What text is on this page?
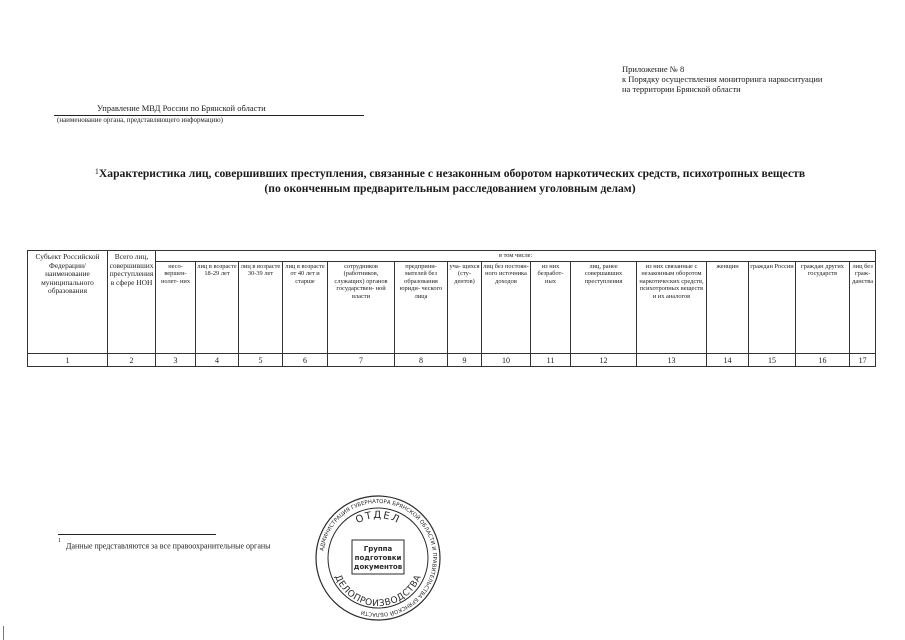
Приложение № 8
к Порядку осуществления мониторинга наркоситуации
на территории Брянской области
Управление МВД России по Брянской области
(наименование органа, представляющего информацию)
$^1$Характеристика лиц, совершивших преступления, связанные с незаконным оборотом наркотических средств, психотропных веществ
(по оконченным предварительным расследованием уголовным делам)
Субъект Российской Федерации/ наименование муниципального образования	Всего лиц, совершивших преступления в сфере НОН	в том числе:														
		несо- вершен- нолет- них	лиц в возрасте 18-29 лет	лиц в возрасте 30-39 лет	лиц в возрасте от 40 лет и старше	сотрудников (работников, служащих) органов государствен- ной власти	предприни- мателей без образования юриди- ческого лица	уча- щихся (сту- дентов)	лиц без постоян- ного источника доходов	из них безработ- ных	лиц, ранее совершавших преступления	из них связанные с незаконным оборотом наркотических средств, психотропных веществ и их аналогов	женщин	граждан России	граждан других государств	лиц без граж- данства
1	2	3	4	5	6	7	8	9	10	11	12	13	14	15	16	17
$^1$Данные представляются за все правоохранительные органы	АДМИНИСТРАЦИЯ ГУБЕРНАТОРА БРЯНСКОЙ ОБЛАСТИ И ПРАВИТЕЛЬСТВА БРЯНСКОЙ ОБЛАСТИ
ОТДЕЛ
ДЕЛОПРОИЗВОДСТВА
Группа
подготовки
документов
